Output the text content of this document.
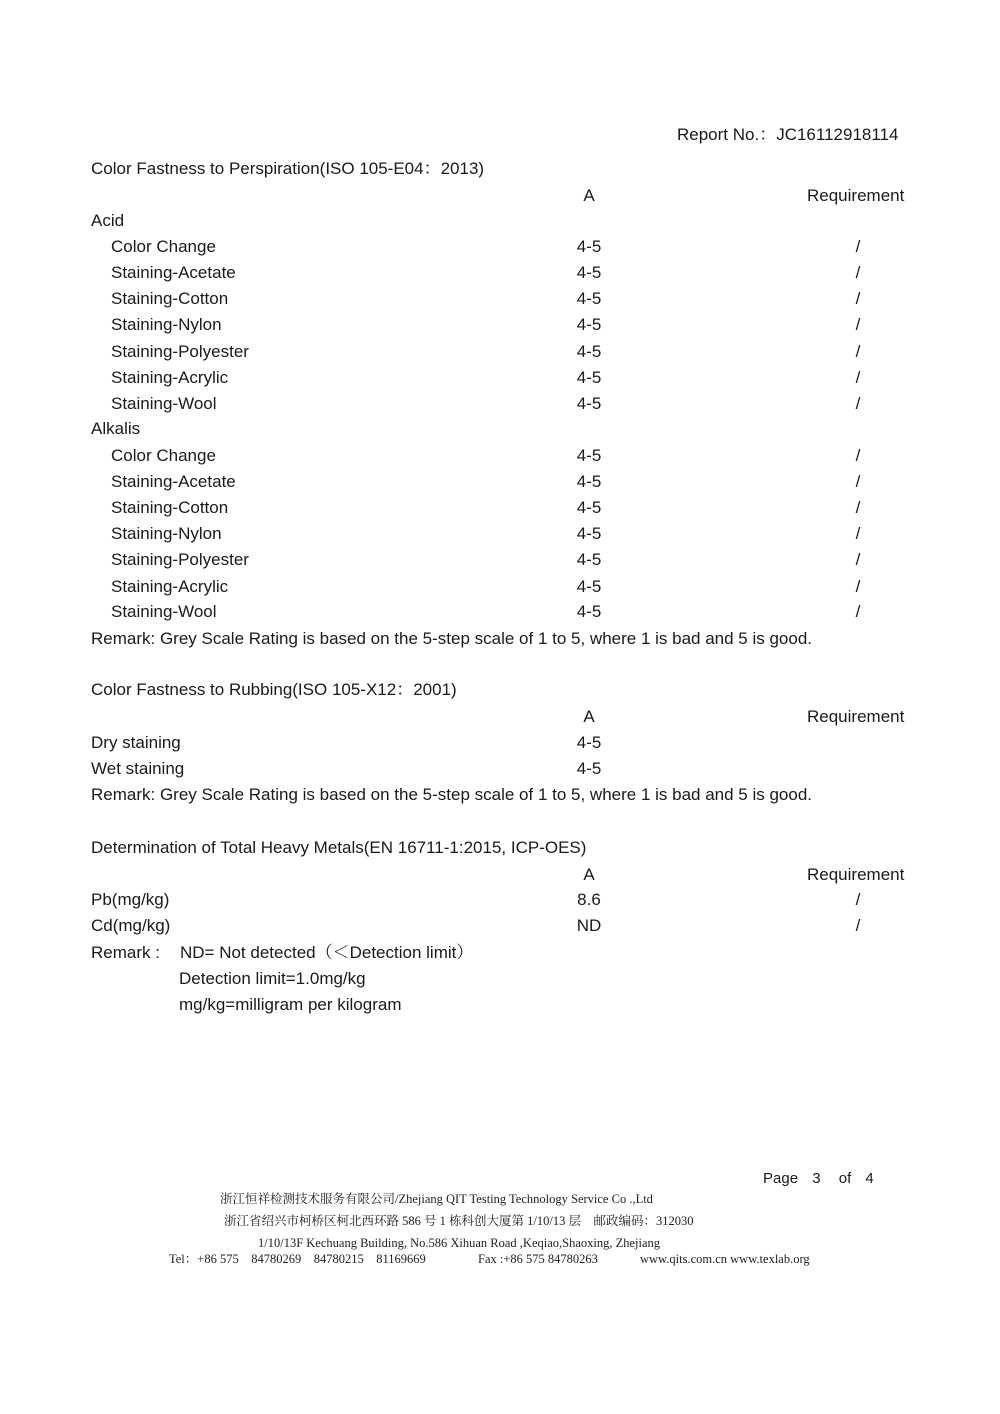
Report No.：JC16112918114
Color Fastness to Perspiration(ISO 105-E04：2013)
A	Requirement
Acid
Color Change	4-5	/
Staining-Acetate	4-5	/
Staining-Cotton	4-5	/
Staining-Nylon	4-5	/
Staining-Polyester	4-5	/
Staining-Acrylic	4-5	/
Staining-Wool	4-5	/
Alkalis
Color Change	4-5	/
Staining-Acetate	4-5	/
Staining-Cotton	4-5	/
Staining-Nylon	4-5	/
Staining-Polyester	4-5	/
Staining-Acrylic	4-5	/
Staining-Wool	4-5	/
Remark: Grey Scale Rating is based on the 5-step scale of 1 to 5, where 1 is bad and 5 is good.
Color Fastness to Rubbing(ISO 105-X12：2001)
A	Requirement
Dry staining	4-5
Wet staining	4-5
Remark: Grey Scale Rating is based on the 5-step scale of 1 to 5, where 1 is bad and 5 is good.
Determination of Total Heavy Metals(EN 16711-1:2015, ICP-OES)
A	Requirement
Pb(mg/kg)	8.6	/
Cd(mg/kg)	ND	/
Remark : ND= Not detected（＜Detection limit）
Detection limit=1.0mg/kg
mg/kg=milligram per kilogram
Page 3 of 4
浙江恒祥检测技术服务有限公司/Zhejiang QIT Testing Technology Service Co .,Ltd
浙江省绍兴市柯桥区柯北西环路 586 号 1 栋科创大厦第 1/10/13 层　邮政编码：312030
1/10/13F Kechuang Building, No.586 Xihuan Road ,Keqiao,Shaoxing, Zhejiang
Tel：+86 575　84780269　84780215　81169669	Fax :+86 575 84780263	www.qits.com.cn www.texlab.org
